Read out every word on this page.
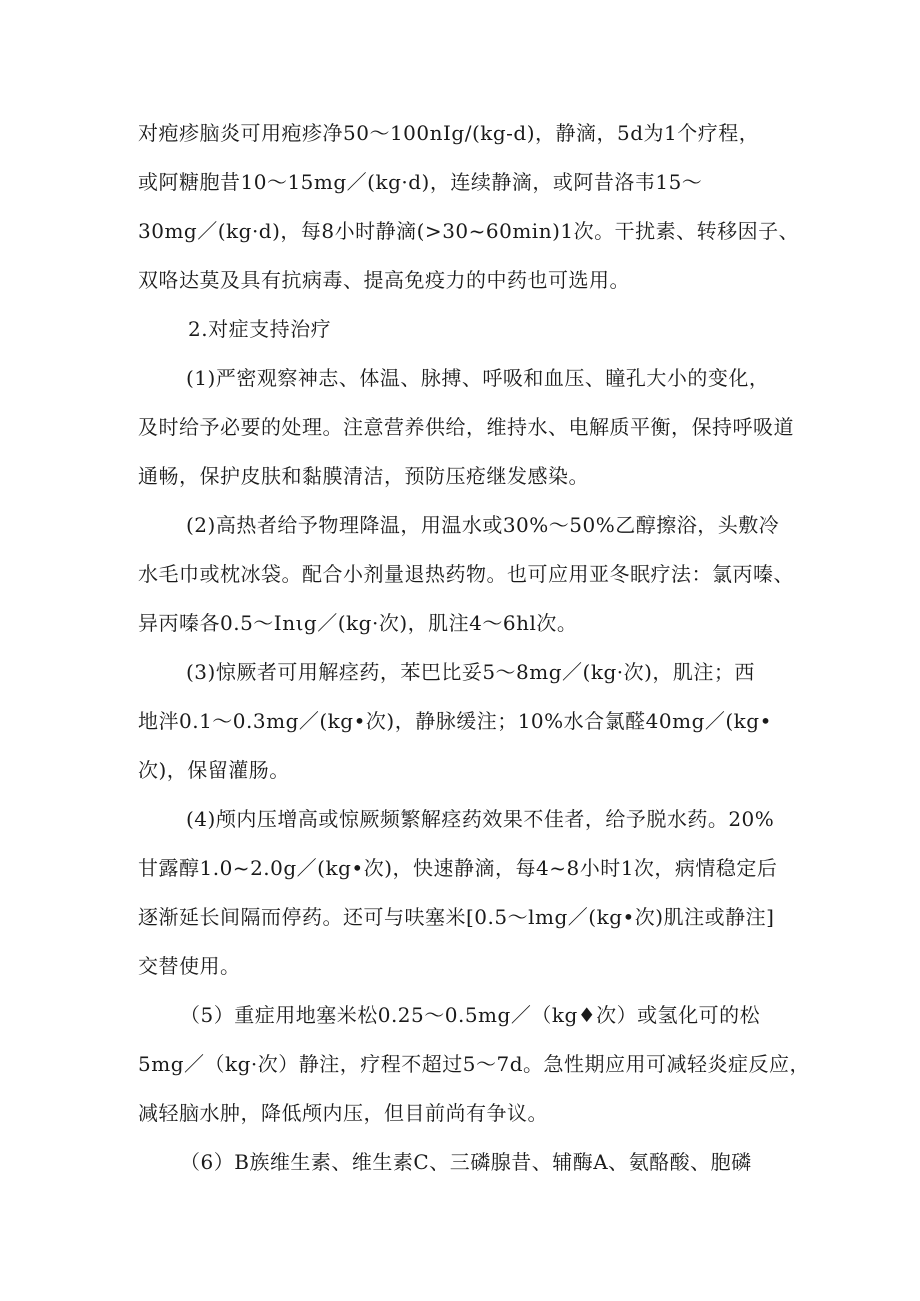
对疱疹脑炎可用疱疹净50～100nIg/(kg-d)，静滴，5d为1个疗程，
或阿糖胞昔10～15mg／(kg·d)，连续静滴，或阿昔洛韦15～
30mg／(kg·d)，每8小时静滴(>30~60min)1次。干扰素、转移因子、
双咯达莫及具有抗病毒、提高免疫力的中药也可选用。
2.对症支持治疗
(1)严密观察神志、体温、脉搏、呼吸和血压、瞳孔大小的变化，
及时给予必要的处理。注意营养供给，维持水、电解质平衡，保持呼吸道
通畅，保护皮肤和黏膜清洁，预防压疮继发感染。
(2)高热者给予物理降温，用温水或30%～50%乙醇擦浴，头敷冷
水毛巾或枕冰袋。配合小剂量退热药物。也可应用亚冬眠疗法：氯丙嗪、
异丙嗪各0.5～Inιg／(kg·次)，肌注4～6hl次。
(3)惊厥者可用解痉药，苯巴比妥5～8mg／(kg·次)，肌注；西
地泮0.1～0.3mg／(kg•次)，静脉缓注；10%水合氯醛40mg／(kg•
次)，保留灌肠。
(4)颅内压增高或惊厥频繁解痉药效果不佳者，给予脱水药。20%
甘露醇1.0~2.0g／(kg•次)，快速静滴，每4~8小时1次，病情稳定后
逐渐延长间隔而停药。还可与呋塞米[0.5～lmg／(kg•次)肌注或静注]
交替使用。
（5）重症用地塞米松0.25～0.5mg／（kg♦次）或氢化可的松
5mg／（kg·次）静注，疗程不超过5～7d。急性期应用可减轻炎症反应，
减轻脑水肿，降低颅内压，但目前尚有争议。
（6）B族维生素、维生素C、三磷腺昔、辅酶A、氨酪酸、胞磷
